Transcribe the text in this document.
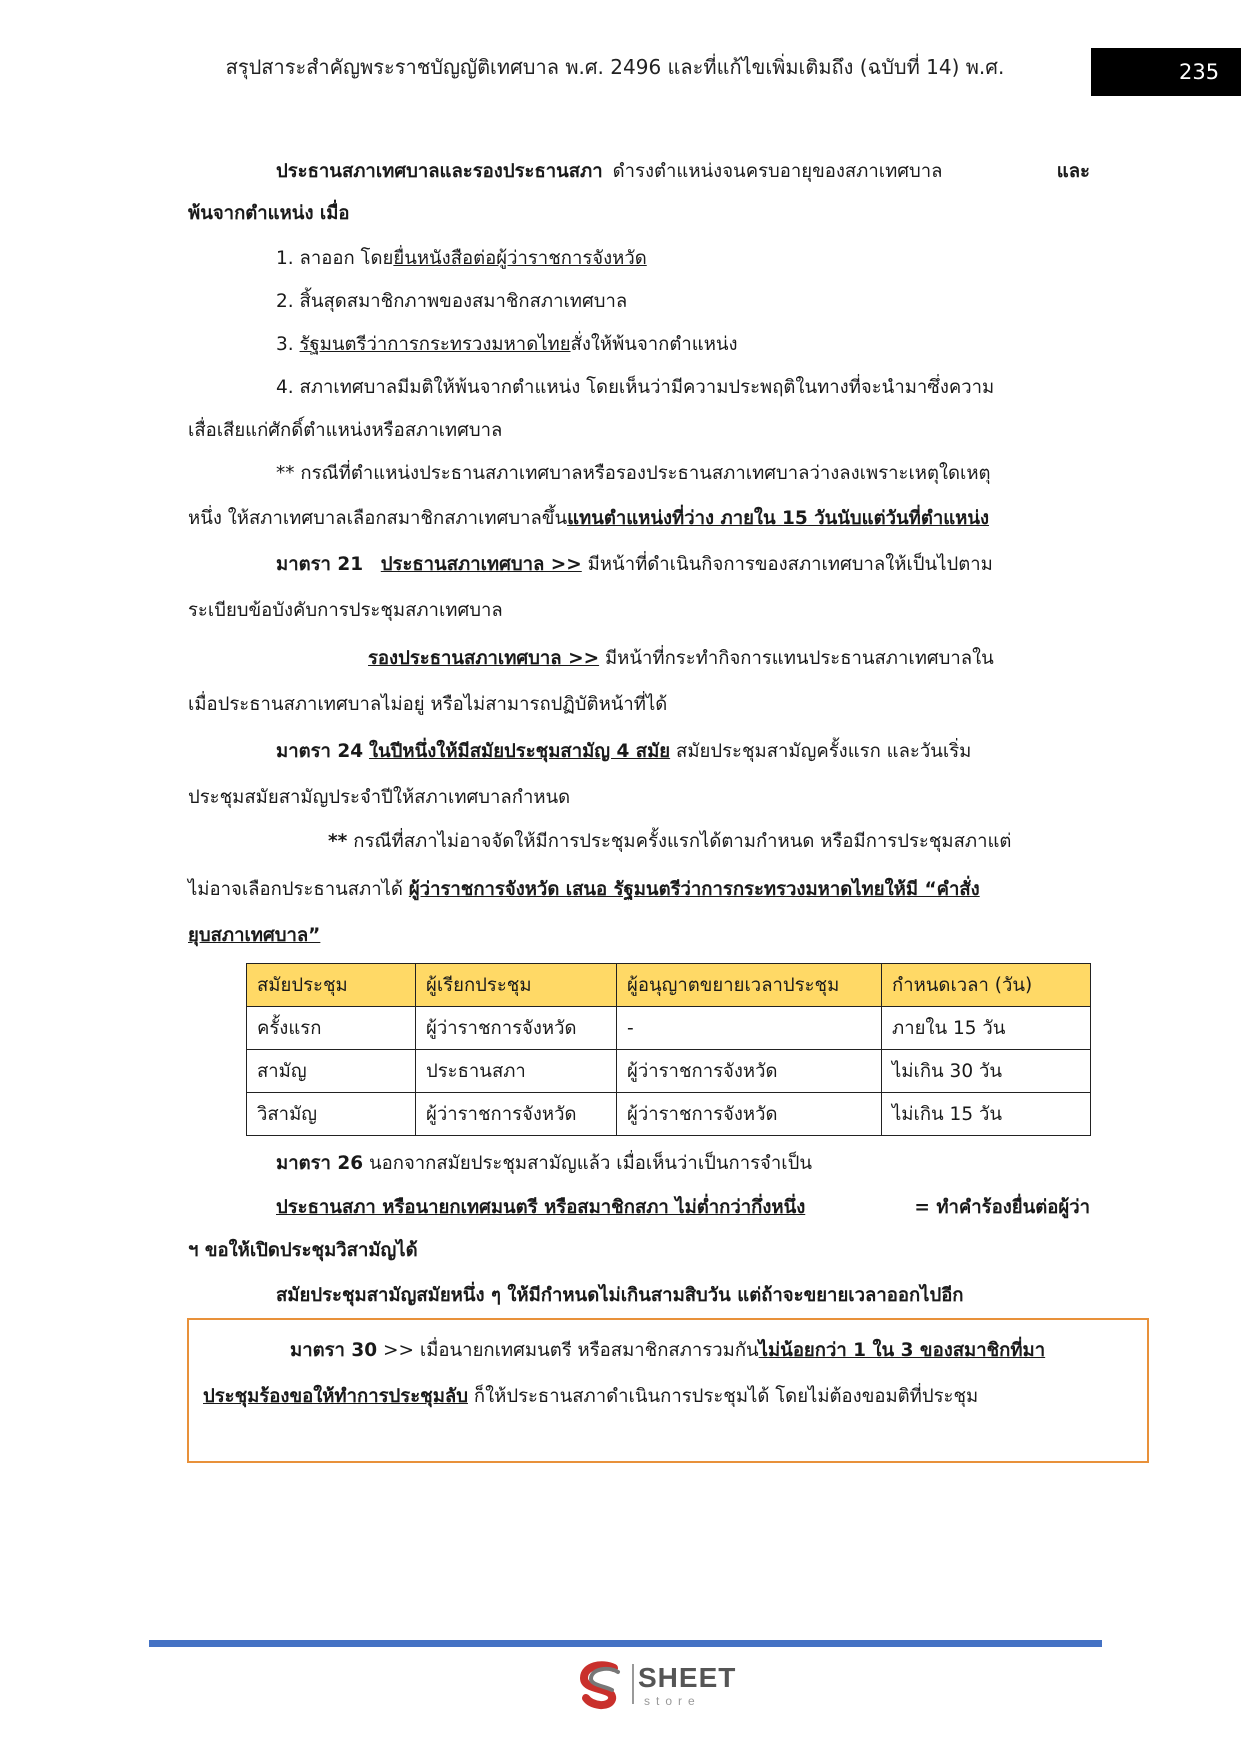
สรุปสาระสำคัญพระราชบัญญัติเทศบาล พ.ศ. 2496 และที่แก้ไขเพิ่มเติมถึง (ฉบับที่ 14) พ.ศ.	235
ประธานสภาเทศบาลและรองประธานสภา ดำรงตำแหน่งจนครบอายุของสภาเทศบาล	และ
พ้นจากตำแหน่ง เมื่อ
1. ลาออก โดยยื่นหนังสือต่อผู้ว่าราชการจังหวัด
2. สิ้นสุดสมาชิกภาพของสมาชิกสภาเทศบาล
3. รัฐมนตรีว่าการกระทรวงมหาดไทยสั่งให้พ้นจากตำแหน่ง
4. สภาเทศบาลมีมติให้พ้นจากตำแหน่ง โดยเห็นว่ามีความประพฤติในทางที่จะนำมาซึ่งความ
เสื่อเสียแก่ศักดิ์ตำแหน่งหรือสภาเทศบาล
** กรณีที่ตำแหน่งประธานสภาเทศบาลหรือรองประธานสภาเทศบาลว่างลงเพราะเหตุใดเหตุ
หนึ่ง ให้สภาเทศบาลเลือกสมาชิกสภาเทศบาลขึ้นแทนตำแหน่งที่ว่าง ภายใน 15 วันนับแต่วันที่ตำแหน่ง
มาตรา 21 ประธานสภาเทศบาล >> มีหน้าที่ดำเนินกิจการของสภาเทศบาลให้เป็นไปตาม
ระเบียบข้อบังคับการประชุมสภาเทศบาล
รองประธานสภาเทศบาล >> มีหน้าที่กระทำกิจการแทนประธานสภาเทศบาลใน
เมื่อประธานสภาเทศบาลไม่อยู่ หรือไม่สามารถปฏิบัติหน้าที่ได้
มาตรา 24 ในปีหนึ่งให้มีสมัยประชุมสามัญ 4 สมัย สมัยประชุมสามัญครั้งแรก และวันเริ่ม
ประชุมสมัยสามัญประจำปีให้สภาเทศบาลกำหนด
** กรณีที่สภาไม่อาจจัดให้มีการประชุมครั้งแรกได้ตามกำหนด หรือมีการประชุมสภาแต่
ไม่อาจเลือกประธานสภาได้ ผู้ว่าราชการจังหวัด เสนอ รัฐมนตรีว่าการกระทรวงมหาดไทยให้มี “คำสั่ง
ยุบสภาเทศบาล”
สมัยประชุม	ผู้เรียกประชุม	ผู้อนุญาตขยายเวลาประชุม	กำหนดเวลา (วัน)
ครั้งแรก	ผู้ว่าราชการจังหวัด	-	ภายใน 15 วัน
สามัญ	ประธานสภา	ผู้ว่าราชการจังหวัด	ไม่เกิน 30 วัน
วิสามัญ	ผู้ว่าราชการจังหวัด	ผู้ว่าราชการจังหวัด	ไม่เกิน 15 วัน
มาตรา 26 นอกจากสมัยประชุมสามัญแล้ว เมื่อเห็นว่าเป็นการจำเป็น
ประธานสภา หรือนายกเทศมนตรี หรือสมาชิกสภา ไม่ต่ำกว่ากึ่งหนึ่ง	= ทำคำร้องยื่นต่อผู้ว่า
ฯ ขอให้เปิดประชุมวิสามัญได้
สมัยประชุมสามัญสมัยหนึ่ง ๆ ให้มีกำหนดไม่เกินสามสิบวัน แต่ถ้าจะขยายเวลาออกไปอีก
มาตรา 30 >> เมื่อนายกเทศมนตรี หรือสมาชิกสภารวมกันไม่น้อยกว่า 1 ใน 3 ของสมาชิกที่มา
ประชุมร้องขอให้ทำการประชุมลับ ก็ให้ประธานสภาดำเนินการประชุมได้ โดยไม่ต้องขอมติที่ประชุม
SHEET
store
